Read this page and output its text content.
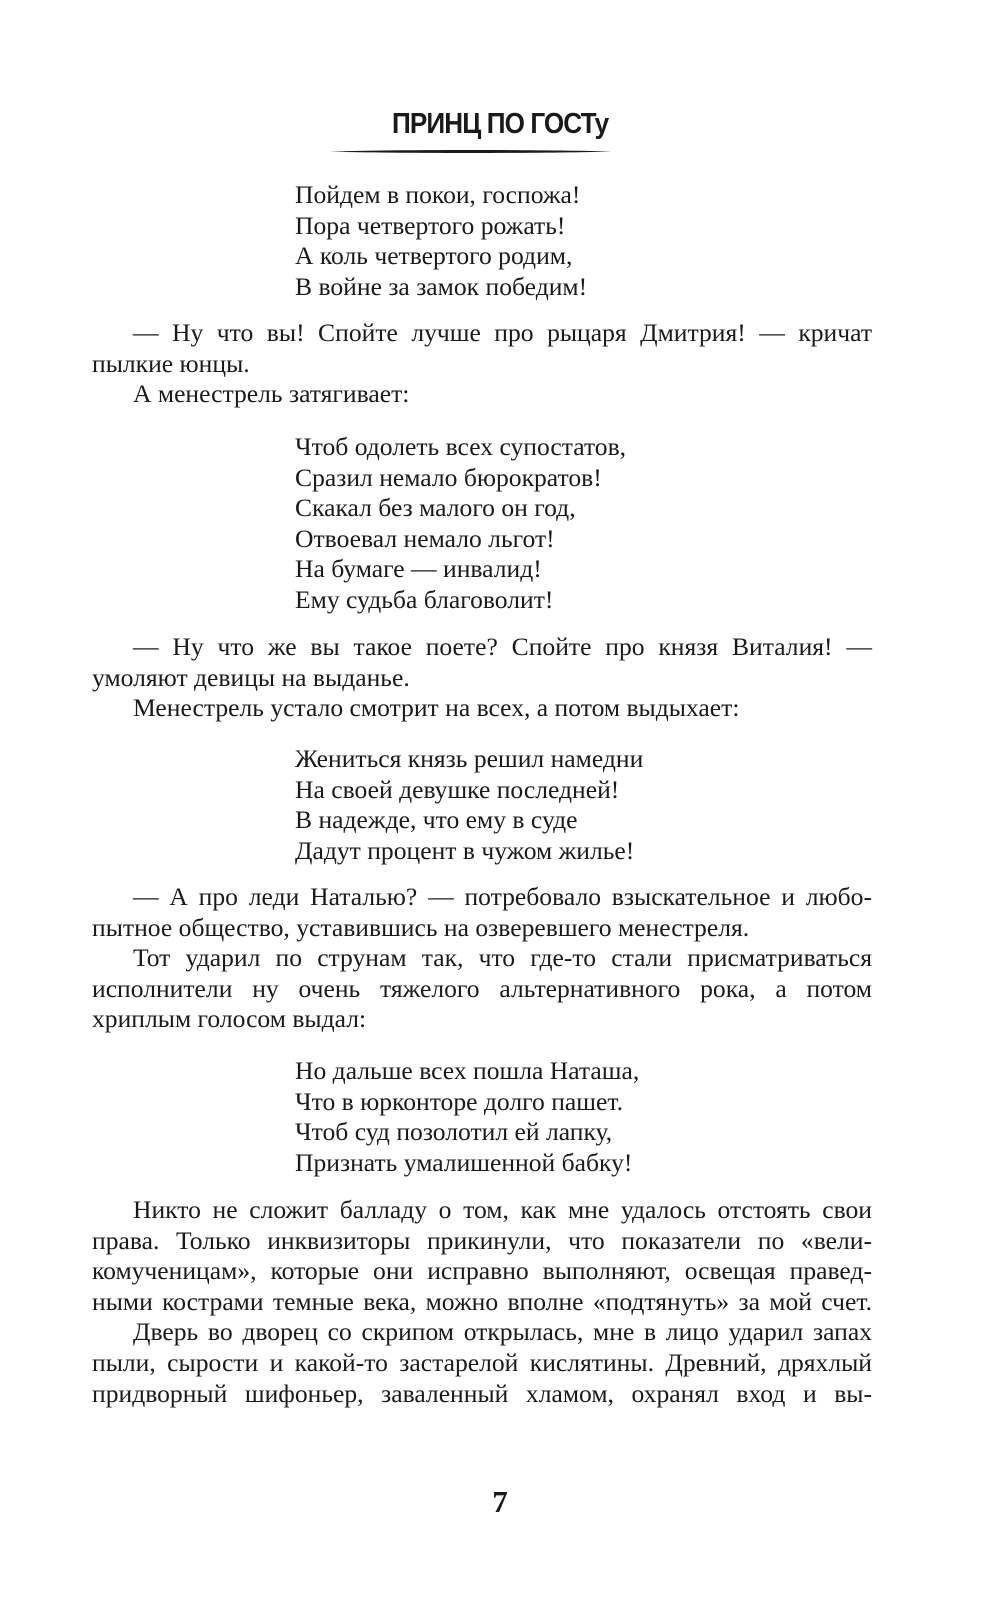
ПРИНЦ ПО ГОСТу
Пойдем в покои, госпожа!
Пора четвертого рожать!
А коль четвертого родим,
В войне за замок победим!
— Ну что вы! Спойте лучше про рыцаря Дмитрия! — кричат
пылкие юнцы.
А менестрель затягивает:
Чтоб одолеть всех супостатов,
Сразил немало бюрократов!
Скакал без малого он год,
Отвоевал немало льгот!
На бумаге — инвалид!
Ему судьба благоволит!
— Ну что же вы такое поете? Спойте про князя Виталия! —
умоляют девицы на выданье.
Менестрель устало смотрит на всех, а потом выдыхает:
Жениться князь решил намедни
На своей девушке последней!
В надежде, что ему в суде
Дадут процент в чужом жилье!
— А про леди Наталью? — потребовало взыскательное и любо-
пытное общество, уставившись на озверевшего менестреля.
Тот ударил по струнам так, что где-то стали присматриваться
исполнители ну очень тяжелого альтернативного рока, а потом
хриплым голосом выдал:
Но дальше всех пошла Наташа,
Что в юрконторе долго пашет.
Чтоб суд позолотил ей лапку,
Признать умалишенной бабку!
Никто не сложит балладу о том, как мне удалось отстоять свои
права. Только инквизиторы прикинули, что показатели по «вели-
комученицам», которые они исправно выполняют, освещая правед-
ными кострами темные века, можно вполне «подтянуть» за мой счет.
Дверь во дворец со скрипом открылась, мне в лицо ударил запах
пыли, сырости и какой-то застарелой кислятины. Древний, дряхлый
придворный шифоньер, заваленный хламом, охранял вход и вы-
7
